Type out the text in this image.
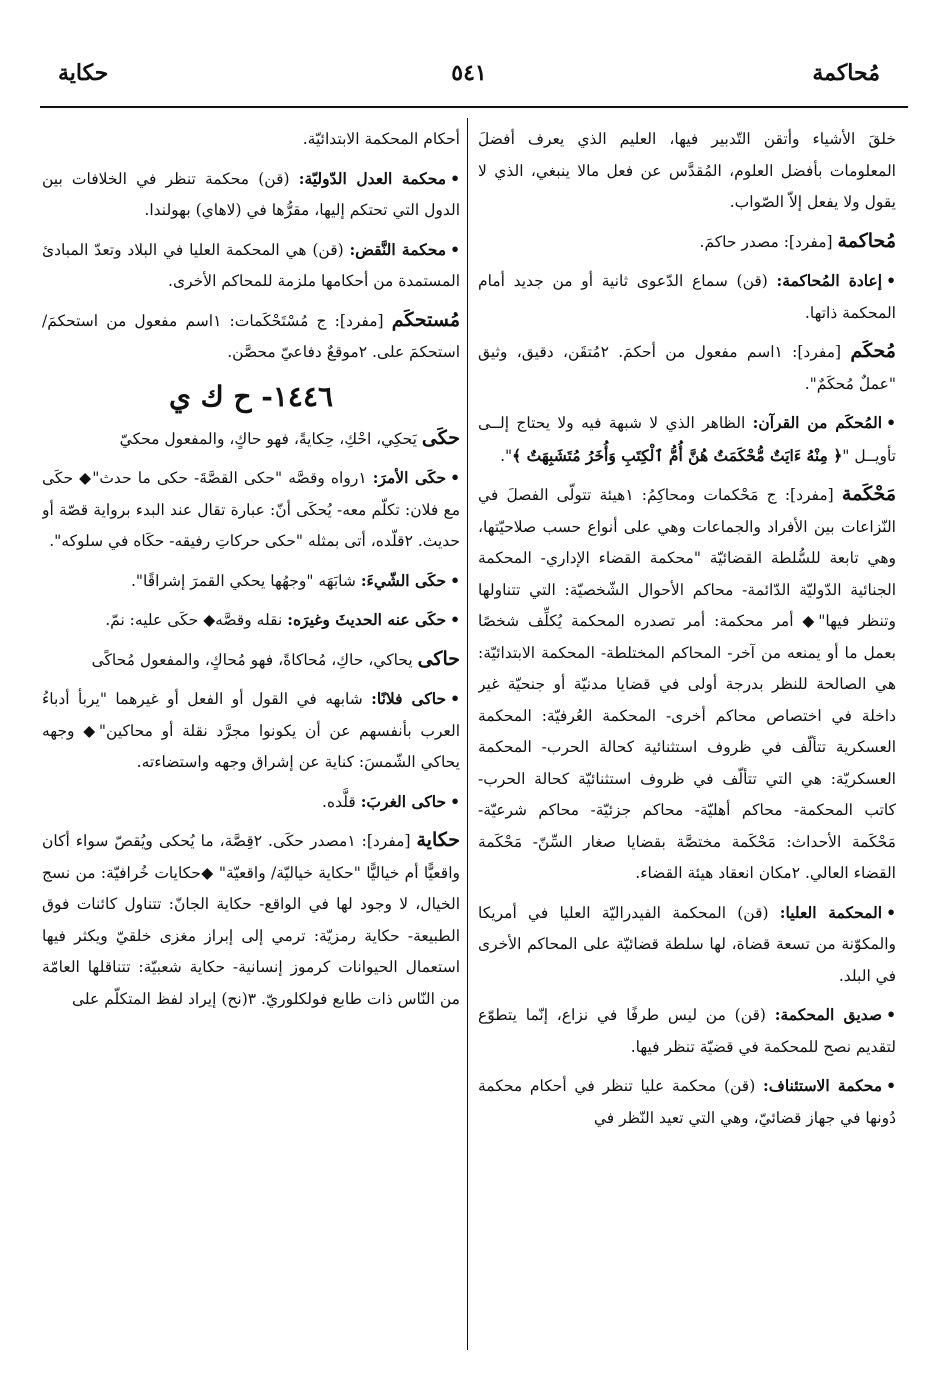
مُحاكمة
٥٤١
حكاية

خلقَ الأشياء وأتقن التّدبير فيها، العليم الذي يعرف أفضلَ المعلومات بأفضل العلوم، المُقدَّس عن فعل مالا ينبغي، الذي لا يقول ولا يفعل إلاّ الصّواب.

مُحاكمة [مفرد]: مصدر حاكمَ.

•إعادة المُحاكمة: (قن) سماع الدّعوى ثانية أو من جديد أمام المحكمة ذاتها.

مُحكَم [مفرد]: ١اسم مفعول من أحكمَ. ٢مُتقَن، دقيق، وثيق "عملٌ مُحكَمٌ".

•المُحكَم من القرآن: الظاهر الذي لا شبهة فيه ولا يحتاج إلــى تأويــل "﴿ مِنْهُ ءَايَتٌ مُّحْكَمَتٌ هُنَّ أُمُّ ٱلْكِتَبِ وَأُخَرُ مُتَشَبِهَتٌ ﴾".

مَحْكَمة [مفرد]: ج مَحْكمات ومحاكِمُ: ١هيئة تتولّى الفصلَ في النّزاعات بين الأفراد والجماعات وهي على أنواع حسب صلاحيّتها، وهي تابعة للسُّلطة القضائيّة "محكمة القضاء الإداري- المحكمة الجنائية الدّوليّة الدّائمة- محاكم الأحوال الشّخصيّة: التي تتناولها وتنظر فيها"◆ أمر محكمة: أمر تصدره المحكمة يُكلِّف شخصًا بعمل ما أو يمنعه من آخر- المحاكم المختلطة- المحكمة الابتدائيّة: هي الصالحة للنظر بدرجة أولى في قضايا مدنيّة أو جنحيّة غير داخلة في اختصاص محاكم أخرى- المحكمة العُرفيّة: المحكمة العسكرية تتألّف في ظروف استثنائية كحالة الحرب- المحكمة العسكريّة: هي التي تتألّف في ظروف استثنائيّة كحالة الحرب- كاتب المحكمة- محاكم أهليّة- محاكم جزئيّة- محاكم شرعيّة- مَحْكَمة الأحداث: مَحْكَمة مختصَّة بقضايا صغار السِّنّ- مَحْكَمة القضاء العالي. ٢مكان انعقاد هيئة القضاء.

•المحكمة العليا: (قن) المحكمة الفيدراليّة العليا في أمريكا والمكوّنة من تسعة قضاة، لها سلطة قضائيّة على المحاكم الأخرى في البلد.

•صديق المحكمة: (قن) من ليس طرفًا في نزاع، إنّما يتطوّع لتقديم نصح للمحكمة في قضيّة تنظر فيها.

•محكمة الاستئناف: (قن) محكمة عليا تنظر في أحكام محكمة دُونها في جهاز قضائيّ، وهي التي تعيد النّظر في

أحكام المحكمة الابتدائيّة.

•محكمة العدل الدّوليّة: (قن) محكمة تنظر في الخلافات بين الدول التي تحتكم إليها، مقرُّها في (لاهاي) بهولندا.

•محكمة النَّقض: (قن) هي المحكمة العليا في البلاد وتعدّ المبادئ المستمدة من أحكامها ملزمة للمحاكم الأخرى.

مُستحكَم [مفرد]: ج مُسْتَحْكَمات: ١اسم مفعول من استحكمَ/ استحكمَ على. ٢موقعٌ دفاعيّ محصَّن.

١٤٤٦- ح ك ي

حكَى يَحكِي، احْكِ، حِكايةً، فهو حاكٍ، والمفعول محكيّ

•حكَى الأمرَ: ١رواه وقصَّه "حكى القصَّةَ- حكى ما حدث"◆ حكَى مع فلان: تكلّم معه- يُحكَى أنّ: عبارة تقال عند البدء برواية قصّة أو حديث. ٢قلّده، أتى بمثله "حكى حركاتِ رفيقه- حكَاه في سلوكه".

•حكَى الشّيءَ: شابَهَه "وجهُها يحكي القمرَ إشراقًا".

•حكَى عنه الحديثَ وغيرَه: نقله وقصَّه◆ حكَى عليه: نمّ.

حاكى يحاكي، حاكِ، مُحاكاةً، فهو مُحاكٍ، والمفعول مُحاكًى

•حاكى فلانًا: شابهه في القول أو الفعل أو غيرهما "يربأ أدباءُ العرب بأنفسهم عن أن يكونوا مجرَّد نقلة أو محاكين"◆ وجهه يحاكي الشّمسَ: كناية عن إشراق وجهه واستضاءته.

•حاكى الغربَ: قلَّده.

حكاية [مفرد]: ١مصدر حكَى. ٢قِصَّة، ما يُحكى ويُقصّ سواء أكان واقعيًّا أم خياليًّا "حكاية خياليّة/ واقعيّة" ◆حكايات خُرافيّة: من نسج الخيال، لا وجود لها في الواقع- حكاية الجانّ: تتناول كائنات فوق الطبيعة- حكاية رمزيّة: ترمي إلى إبراز مغزى خلقيّ ويكثر فيها استعمال الحيوانات كرموز إنسانية- حكاية شعبيّة: تتناقلها العامّة من النّاس ذات طابع فولكلوريّ. ٣(نح) إيراد لفظ المتكلّم على
